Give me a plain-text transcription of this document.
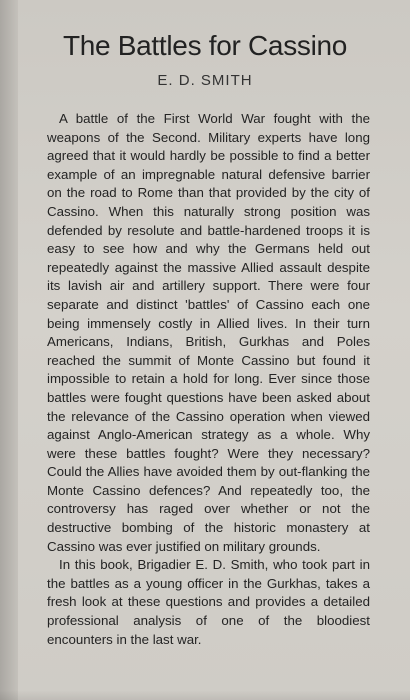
The Battles for Cassino
E. D. SMITH

A battle of the First World War fought with the weapons of the Second. Military experts have long agreed that it would hardly be possible to find a better example of an impregnable natural defensive barrier on the road to Rome than that provided by the city of Cassino. When this naturally strong position was defended by resolute and battle-hardened troops it is easy to see how and why the Germans held out repeatedly against the massive Allied assault despite its lavish air and artillery support. There were four separate and distinct 'battles' of Cassino each one being immensely costly in Allied lives. In their turn Americans, Indians, British, Gurkhas and Poles reached the summit of Monte Cassino but found it impossible to retain a hold for long. Ever since those battles were fought questions have been asked about the relevance of the Cassino operation when viewed against Anglo-American strategy as a whole. Why were these battles fought? Were they necessary? Could the Allies have avoided them by out-flanking the Monte Cassino defences? And repeatedly too, the controversy has raged over whether or not the destructive bombing of the historic monastery at Cassino was ever justified on military grounds.

In this book, Brigadier E. D. Smith, who took part in the battles as a young officer in the Gurkhas, takes a fresh look at these questions and provides a detailed professional analysis of one of the bloodiest encounters in the last war.
